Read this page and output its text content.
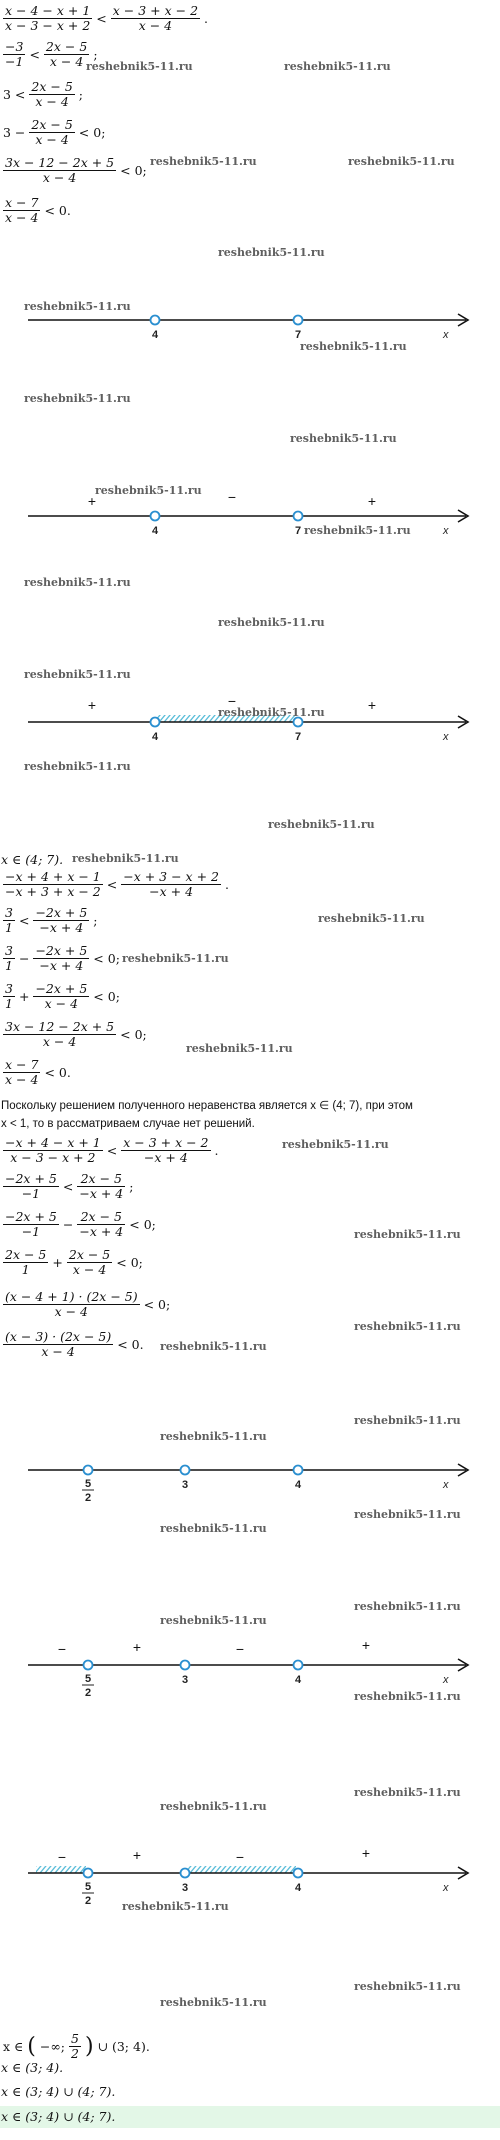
$\frac{x - 4 - x + 1}{x - 3 - x + 2} < \frac{x - 3 + x - 2}{x - 4}$ .
$\frac{-3}{-1} < \frac{2x - 5}{x - 4}$ ;
$3 < \frac{2x - 5}{x - 4}$ ;
$3 - \frac{2x - 5}{x - 4} < 0$;
$\frac{3x - 12 - 2x + 5}{x - 4} < 0$;
$\frac{x - 7}{x - 4} < 0$.
4	7	x
+	−	+
4	7	x
+	−	+
4	7	x
x ∈ (4; 7).
$\frac{-x + 4 + x - 1}{-x + 3 + x - 2} < \frac{-x + 3 - x + 2}{-x + 4}$ .
$\frac{3}{1} < \frac{-2x + 5}{-x + 4}$ ;
$\frac{3}{1} - \frac{-2x + 5}{-x + 4} < 0$;
$\frac{3}{1} + \frac{-2x + 5}{x - 4} < 0$;
$\frac{3x - 12 - 2x + 5}{x - 4} < 0$;
$\frac{x - 7}{x - 4} < 0$.
Поскольку решением полученного неравенства является x ∈ (4; 7), при этом
x < 1, то в рассматриваем случае нет решений.
$\frac{-x + 4 - x + 1}{x - 3 - x + 2} < \frac{x - 3 + x - 2}{-x + 4}$ .
$\frac{-2x + 5}{-1} < \frac{2x - 5}{-x + 4}$ ;
$\frac{-2x + 5}{-1} - \frac{2x - 5}{-x + 4} < 0$;
$\frac{2x - 5}{1} + \frac{2x - 5}{x - 4} < 0$;
$\frac{(x - 4 + 1) \cdot (2x - 5)}{x - 4} < 0$;
$\frac{(x - 3) \cdot (2x - 5)}{x - 4} < 0$.
5
2
3	4	x
−	+	−	+
5
2
3	4	x
−	+	−	+
5
2
3	4	x
x ∈ ( −∞; $\frac{5}{2}$ ) ∪ (3; 4).
x ∈ (3; 4).
x ∈ (3; 4) ∪ (4; 7).
x ∈ (3; 4) ∪ (4; 7).
reshebnik5-11.ru	reshebnik5-11.ru
reshebnik5-11.ru	reshebnik5-11.ru
reshebnik5-11.ru
reshebnik5-11.ru
reshebnik5-11.ru
reshebnik5-11.ru
reshebnik5-11.ru
reshebnik5-11.ru
reshebnik5-11.ru
reshebnik5-11.ru
reshebnik5-11.ru
reshebnik5-11.ru
reshebnik5-11.ru
reshebnik5-11.ru
reshebnik5-11.ru
reshebnik5-11.ru
reshebnik5-11.ru
reshebnik5-11.ru
reshebnik5-11.ru
reshebnik5-11.ru
reshebnik5-11.ru
reshebnik5-11.ru
reshebnik5-11.ru
reshebnik5-11.ru
reshebnik5-11.ru
reshebnik5-11.ru
reshebnik5-11.ru
reshebnik5-11.ru
reshebnik5-11.ru
reshebnik5-11.ru
reshebnik5-11.ru
reshebnik5-11.ru
reshebnik5-11.ru
reshebnik5-11.ru
reshebnik5-11.ru
